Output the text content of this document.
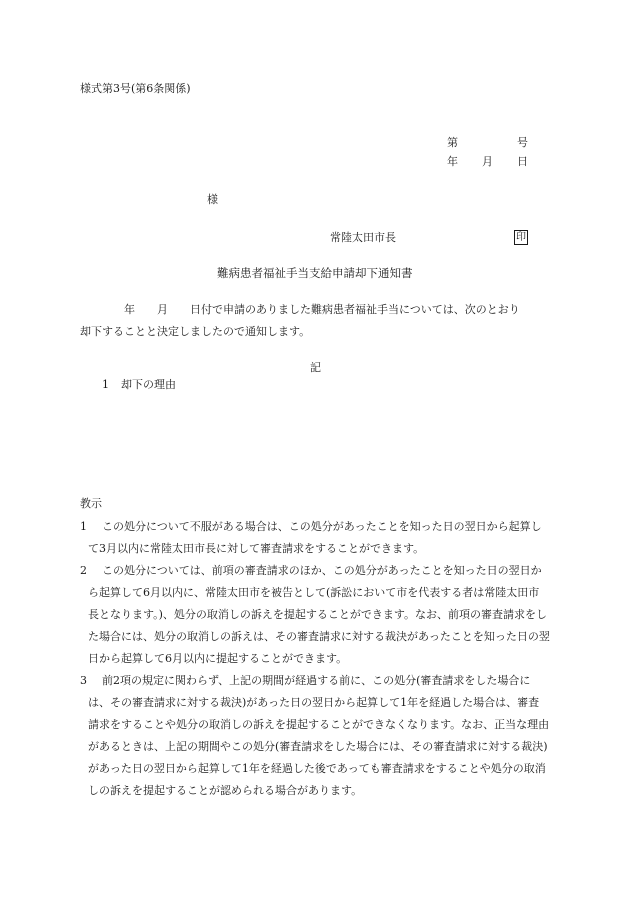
様式第3号(第6条関係)
第	号
年 月 日
様
常陸太田市長	印
難病患者福祉手当支給申請却下通知書
年 月 日付で申請のありました難病患者福祉手当については、次のとおり
却下することと決定しましたので通知します。
記
1 却下の理由
教示
1	この処分について不服がある場合は、この処分があったことを知った日の翌日から起算して3月以内に常陸太田市長に対して審査請求をすることができます。
2	この処分については、前項の審査請求のほか、この処分があったことを知った日の翌日から起算して6月以内に、常陸太田市を被告として(訴訟において市を代表する者は常陸太田市長となります。)、処分の取消しの訴えを提起することができます。なお、前項の審査請求をした場合には、処分の取消しの訴えは、その審査請求に対する裁決があったことを知った日の翌日から起算して6月以内に提起することができます。
3	前2項の規定に関わらず、上記の期間が経過する前に、この処分(審査請求をした場合には、その審査請求に対する裁決)があった日の翌日から起算して1年を経過した場合は、審査請求をすることや処分の取消しの訴えを提起することができなくなります。なお、正当な理由があるときは、上記の期間やこの処分(審査請求をした場合には、その審査請求に対する裁決)があった日の翌日から起算して1年を経過した後であっても審査請求をすることや処分の取消しの訴えを提起することが認められる場合があります。
